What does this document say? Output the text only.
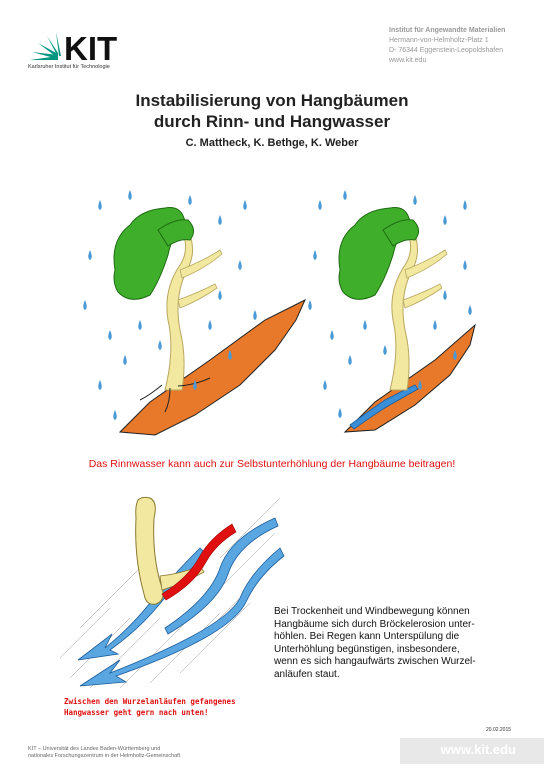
KIT
Karlsruher Institut für Technologie
Institut für Angewandte Materialien
Hermann-von-Helmholtz-Platz 1
D- 76344 Eggenstein-Leopoldshafen
www.kit.edu
Instabilisierung von Hangbäumen
durch Rinn- und Hangwasser
C. Mattheck, K. Bethge, K. Weber
Das Rinnwasser kann auch zur Selbstunterhöhlung der Hangbäume beitragen!
Bei Trockenheit und Windbewegung können
Hangbäume sich durch Bröckelerosion unter-
höhlen. Bei Regen kann Unterspülung die
Unterhöhlung begünstigen, insbesondere,
wenn es sich hangaufwärts zwischen Wurzel-
anläufen staut.
Zwischen den Wurzelanläufen gefangenes
Hangwasser geht gern nach unten!
20.02.2015
KIT – Universität des Landes Baden-Württemberg und
nationales Forschungszentrum in der Helmholtz-Gemeinschaft	www.kit.edu
